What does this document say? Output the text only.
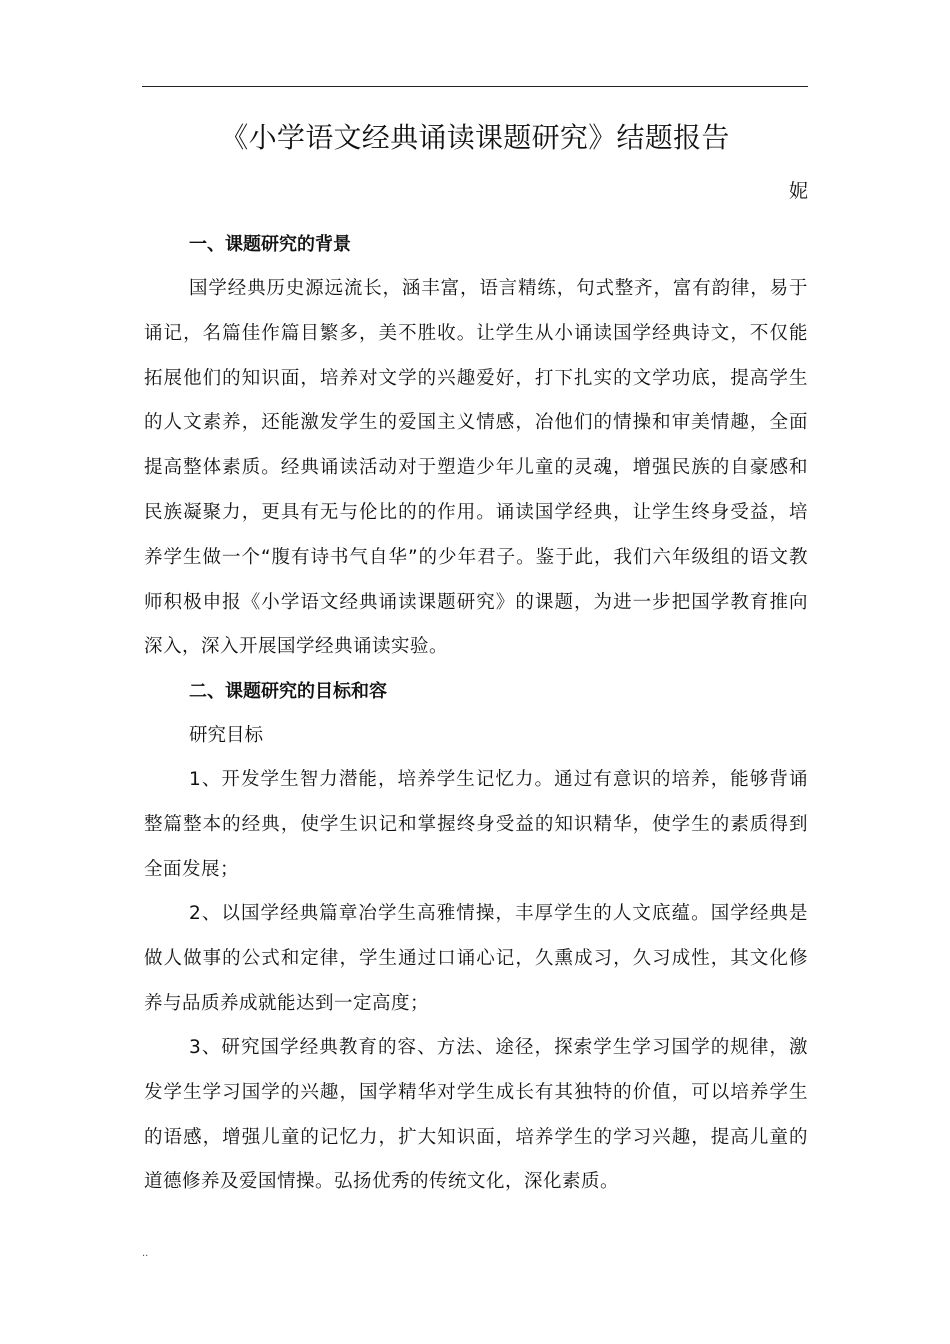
《小学语文经典诵读课题研究》结题报告
妮
一、课题研究的背景

国学经典历史源远流长，涵丰富，语言精练，句式整齐，富有韵律，易于诵记，名篇佳作篇目繁多，美不胜收。让学生从小诵读国学经典诗文，不仅能拓展他们的知识面，培养对文学的兴趣爱好，打下扎实的文学功底，提高学生的人文素养，还能激发学生的爱国主义情感，冶他们的情操和审美情趣，全面提高整体素质。经典诵读活动对于塑造少年儿童的灵魂，增强民族的自豪感和民族凝聚力，更具有无与伦比的的作用。诵读国学经典，让学生终身受益，培养学生做一个“腹有诗书气自华”的少年君子。鉴于此，我们六年级组的语文教师积极申报《小学语文经典诵读课题研究》的课题，为进一步把国学教育推向深入，深入开展国学经典诵读实验。

二、课题研究的目标和容
研究目标

1、开发学生智力潜能，培养学生记忆力。通过有意识的培养，能够背诵整篇整本的经典，使学生识记和掌握终身受益的知识精华，使学生的素质得到全面发展；

2、以国学经典篇章冶学生高雅情操，丰厚学生的人文底蕴。国学经典是做人做事的公式和定律，学生通过口诵心记，久熏成习，久习成性，其文化修养与品质养成就能达到一定高度；

3、研究国学经典教育的容、方法、途径，探索学生学习国学的规律，激发学生学习国学的兴趣，国学精华对学生成长有其独特的价值，可以培养学生的语感，增强儿童的记忆力，扩大知识面，培养学生的学习兴趣，提高儿童的道德修养及爱国情操。弘扬优秀的传统文化，深化素质。

..
